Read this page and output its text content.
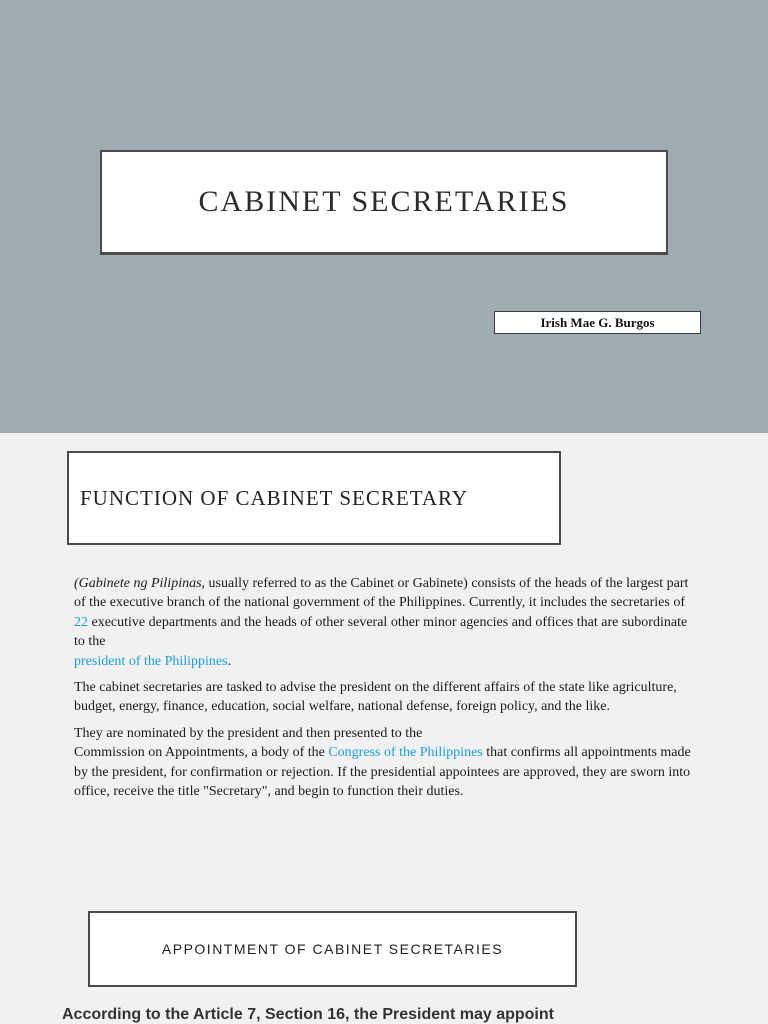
CABINET SECRETARIES
Irish Mae G. Burgos
FUNCTION OF CABINET SECRETARY

(Gabinete ng Pilipinas, usually referred to as the Cabinet or Gabinete) consists of the heads of the largest part of the executive branch of the national government of the Philippines. Currently, it includes the secretaries of 22 executive departments and the heads of other several other minor agencies and offices that are subordinate to the
president of the Philippines.

The cabinet secretaries are tasked to advise the president on the different affairs of the state like agriculture, budget, energy, finance, education, social welfare, national defense, foreign policy, and the like.

They are nominated by the president and then presented to the
Commission on Appointments, a body of the Congress of the Philippines that confirms all appointments made by the president, for confirmation or rejection. If the presidential appointees are approved, they are sworn into office, receive the title "Secretary", and begin to function their duties.

APPOINTMENT OF CABINET SECRETARIES
According to the Article 7, Section 16, the President may appoint
